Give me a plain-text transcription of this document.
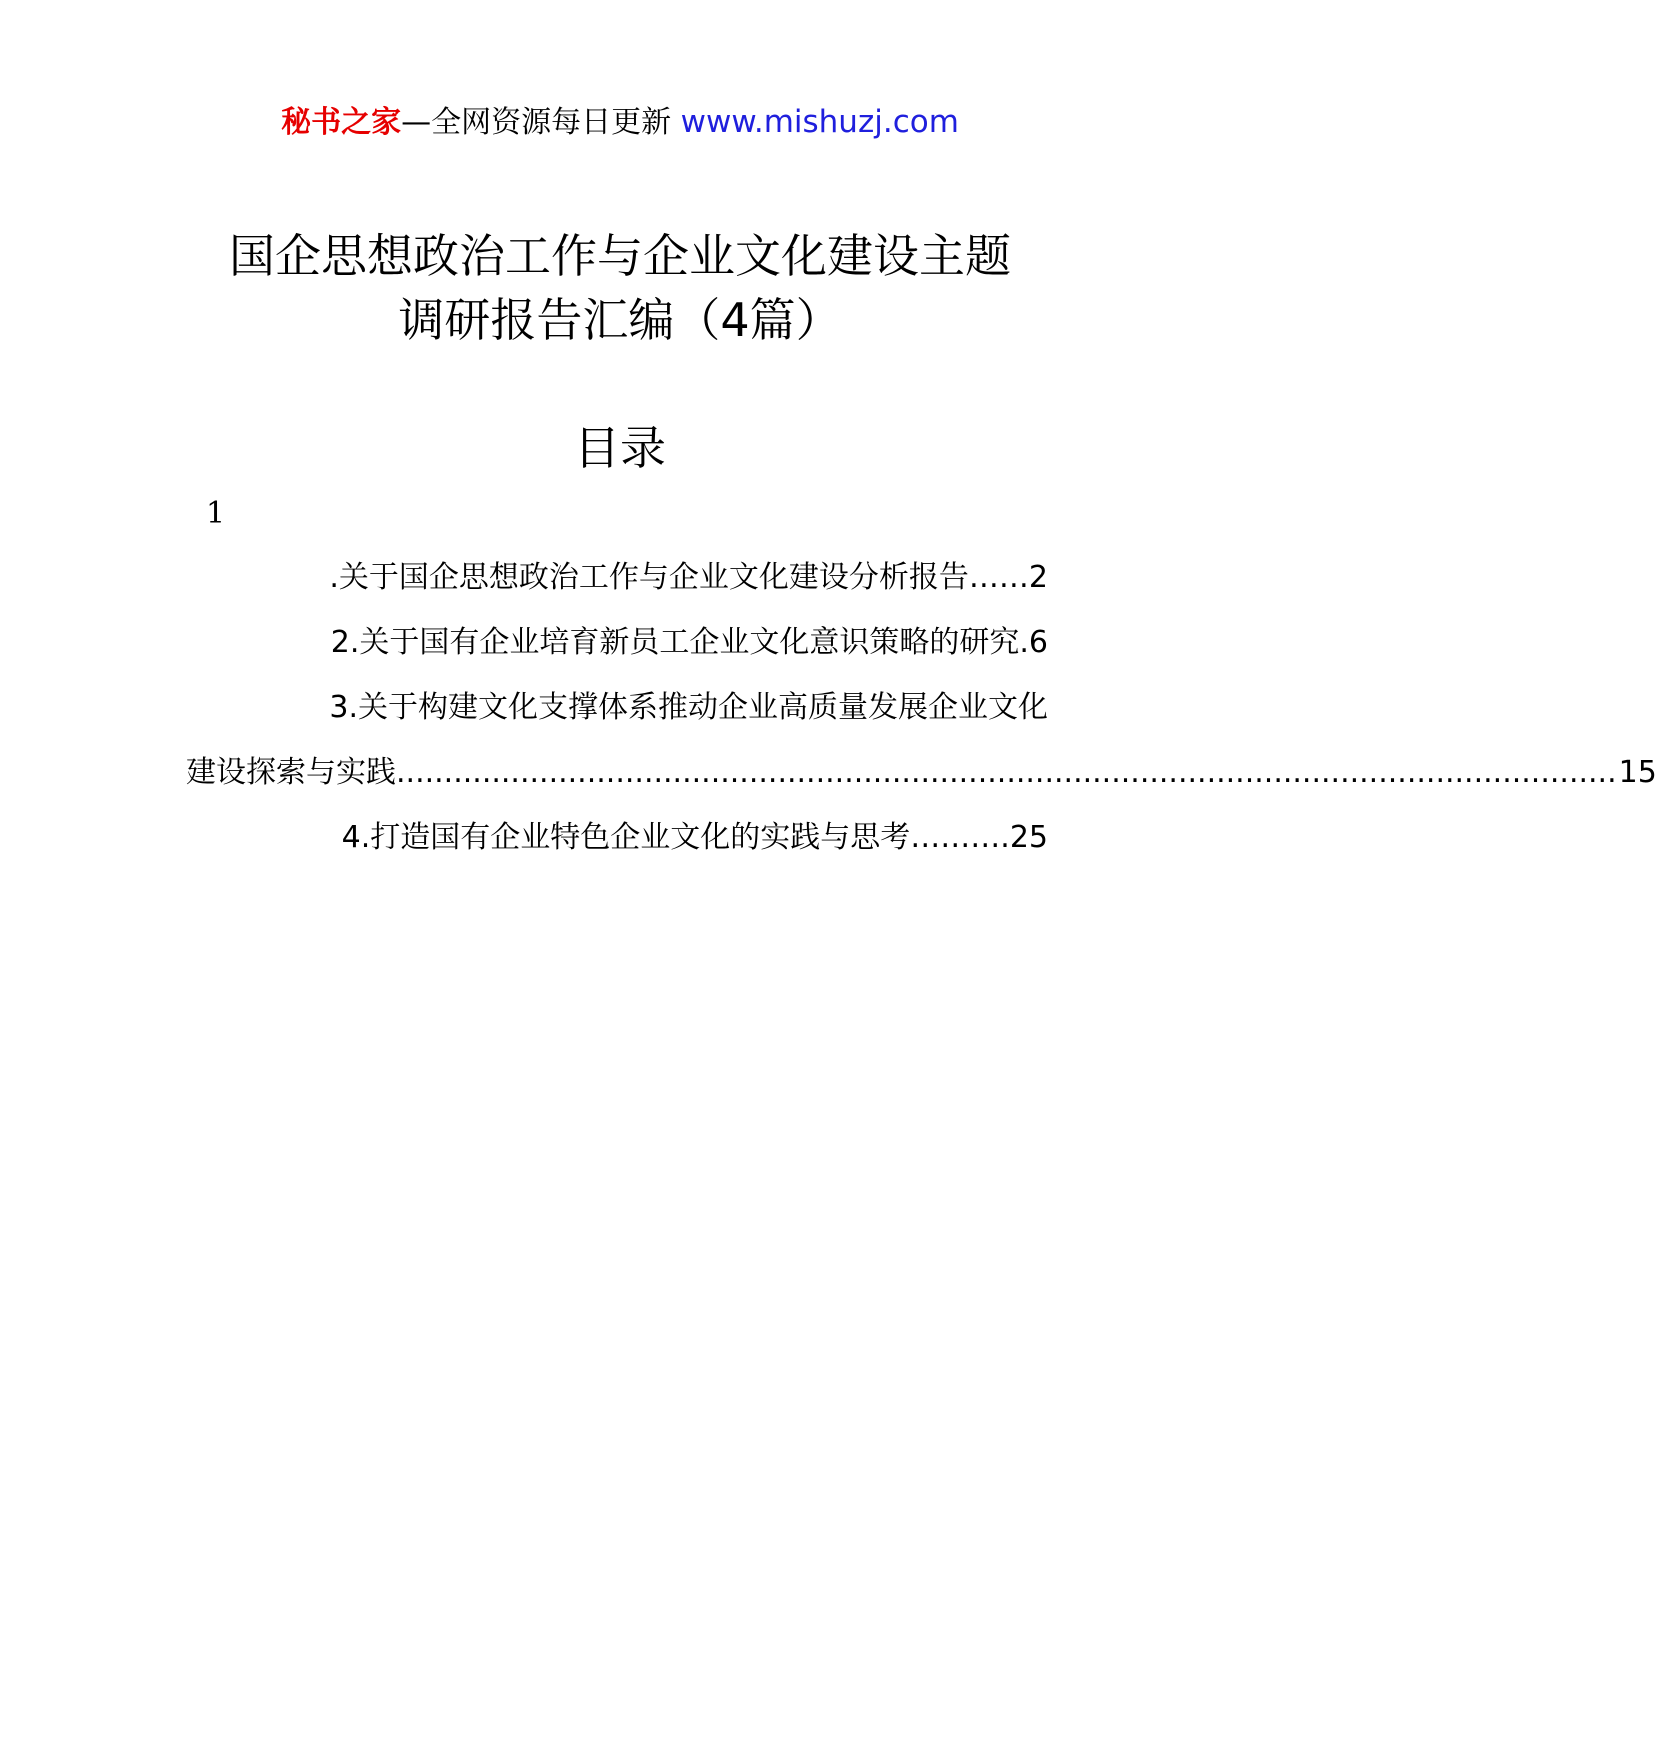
秘书之家—全网资源每日更新 www.mishuzj.com
国企思想政治工作与企业文化建设主题
调研报告汇编（4篇）
目录
1
.关于国企思想政治工作与企业文化建设分析报告……2
2.关于国有企业培育新员工企业文化意识策略的研究.6
3.关于构建文化支撑体系推动企业高质量发展企业文化
建设探索与实践 ................................................................................................................................ 15
4.打造国有企业特色企业文化的实践与思考……….25
